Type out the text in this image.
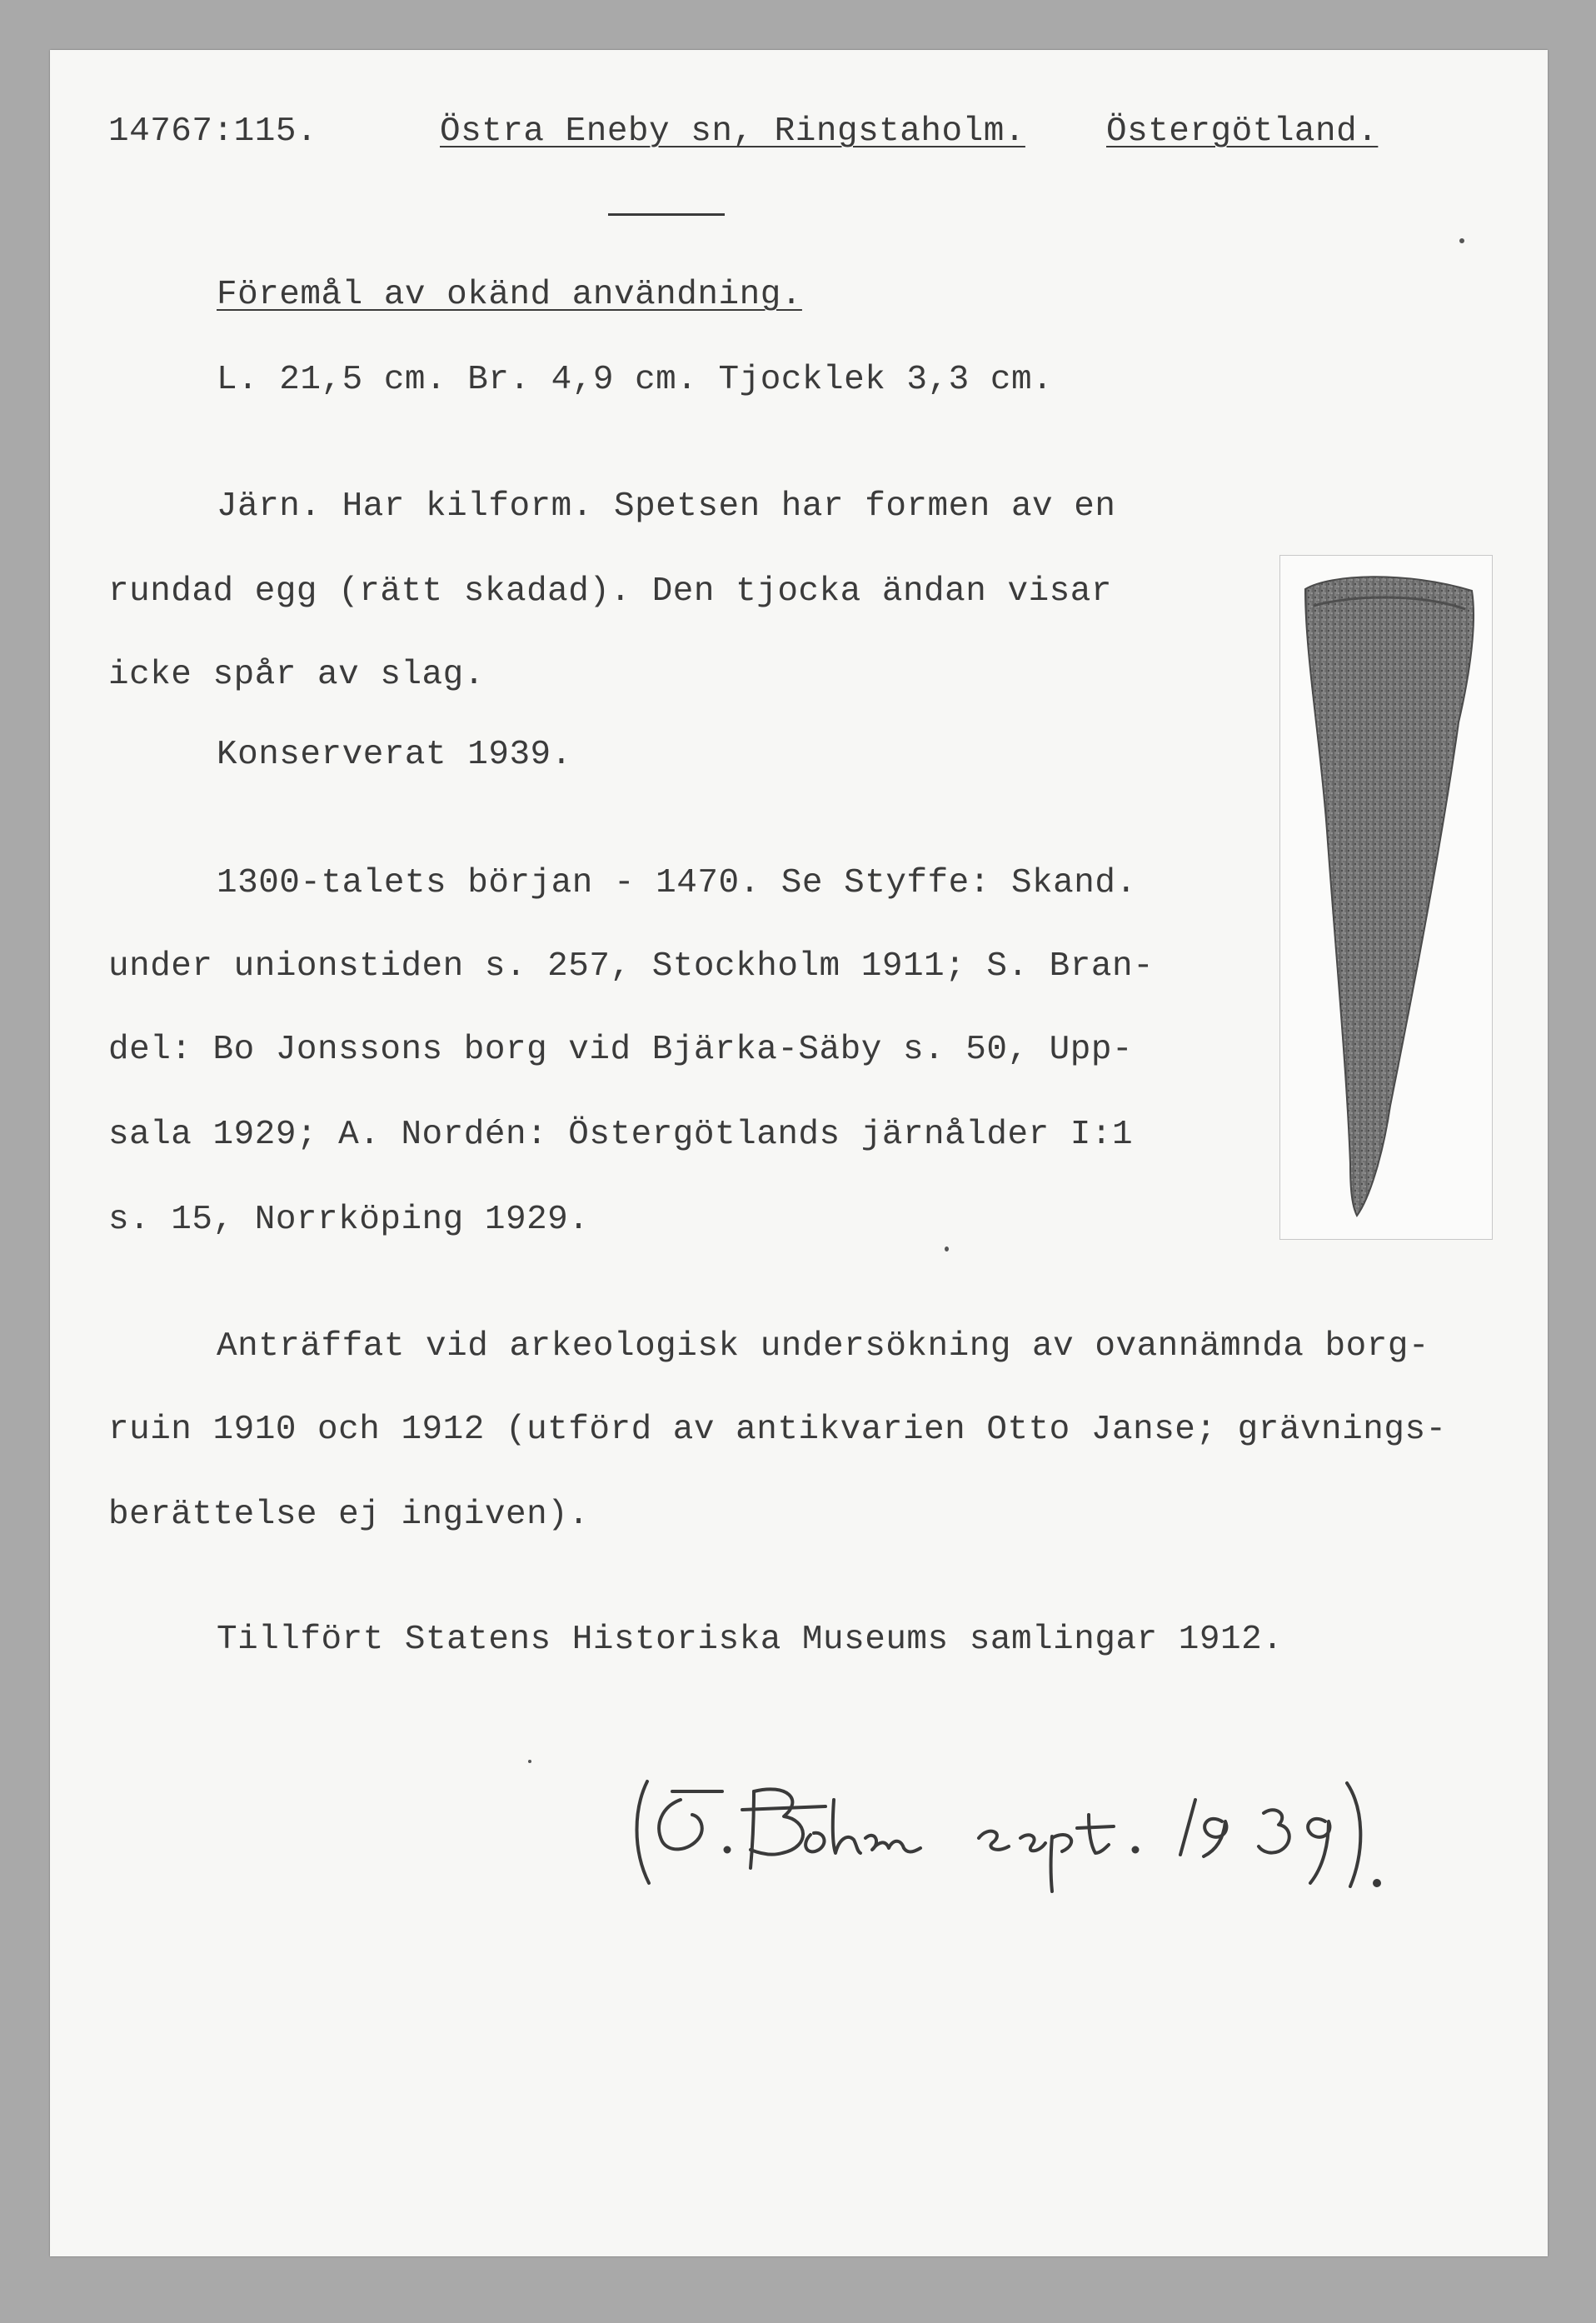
14767:115.	Östra Eneby sn, Ringstaholm. Östergötland.
Föremål av okänd användning.
L. 21,5 cm. Br. 4,9 cm. Tjocklek 3,3 cm.
Järn. Har kilform. Spetsen har formen av en
rundad egg (rätt skadad). Den tjocka ändan visar
icke spår av slag.
Konserverat 1939.
1300-talets början - 1470. Se Styffe: Skand.
under unionstiden s. 257, Stockholm 1911; S. Bran-
del: Bo Jonssons borg vid Bjärka-Säby s. 50, Upp-
sala 1929; A. Nordén: Östergötlands järnålder I:1
s. 15, Norrköping 1929.
Anträffat vid arkeologisk undersökning av ovannämnda borg-
ruin 1910 och 1912 (utförd av antikvarien Otto Janse; grävnings-
berättelse ej ingiven).
Tillfört Statens Historiska Museums samlingar 1912.
